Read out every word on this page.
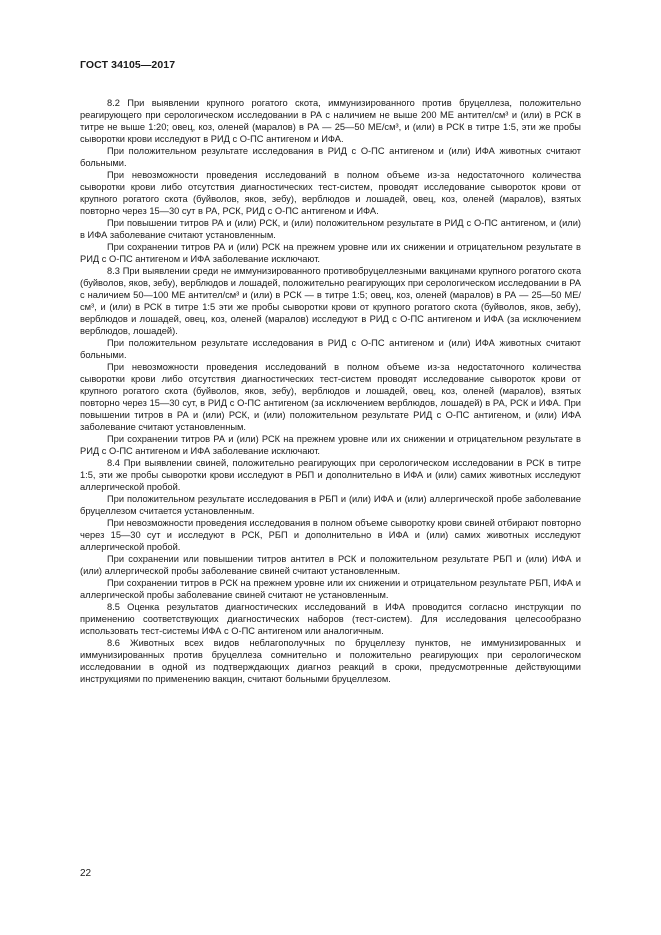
ГОСТ 34105—2017

8.2 При выявлении крупного рогатого скота, иммунизированного против бруцеллеза, положительно реагирующего при серологическом исследовании в РА с наличием не выше 200 МЕ антител/см³ и (или) в РСК в титре не выше 1:20; овец, коз, оленей (маралов) в РА — 25—50 МЕ/см³, и (или) в РСК в титре 1:5, эти же пробы сыворотки крови исследуют в РИД с О-ПС антигеном и ИФА.

При положительном результате исследования в РИД с О-ПС антигеном и (или) ИФА животных считают больными.

При невозможности проведения исследований в полном объеме из-за недостаточного количества сыворотки крови либо отсутствия диагностических тест-систем, проводят исследование сывороток крови от крупного рогатого скота (буйволов, яков, зебу), верблюдов и лошадей, овец, коз, оленей (маралов), взятых повторно через 15—30 сут в РА, РСК, РИД с О-ПС антигеном и ИФА.

При повышении титров РА и (или) РСК, и (или) положительном результате в РИД с О-ПС антигеном, и (или) в ИФА заболевание считают установленным.

При сохранении титров РА и (или) РСК на прежнем уровне или их снижении и отрицательном результате в РИД с О-ПС антигеном и ИФА заболевание исключают.

8.3 При выявлении среди не иммунизированного противобруцеллезными вакцинами крупного рогатого скота (буйволов, яков, зебу), верблюдов и лошадей, положительно реагирующих при серологическом исследовании в РА с наличием 50—100 МЕ антител/см³ и (или) в РСК — в титре 1:5; овец, коз, оленей (маралов) в РА — 25—50 МЕ/см³, и (или) в РСК в титре 1:5 эти же пробы сыворотки крови от крупного рогатого скота (буйволов, яков, зебу), верблюдов и лошадей, овец, коз, оленей (маралов) исследуют в РИД с О-ПС антигеном и ИФА (за исключением верблюдов, лошадей).

При положительном результате исследования в РИД с О-ПС антигеном и (или) ИФА животных считают больными.

При невозможности проведения исследований в полном объеме из-за недостаточного количества сыворотки крови либо отсутствия диагностических тест-систем проводят исследование сывороток крови от крупного рогатого скота (буйволов, яков, зебу), верблюдов и лошадей, овец, коз, оленей (маралов), взятых повторно через 15—30 сут, в РИД с О-ПС антигеном (за исключением верблюдов, лошадей) в РА, РСК и ИФА. При повышении титров в РА и (или) РСК, и (или) положительном результате РИД с О-ПС антигеном, и (или) ИФА заболевание считают установленным.

При сохранении титров РА и (или) РСК на прежнем уровне или их снижении и отрицательном результате в РИД с О-ПС антигеном и ИФА заболевание исключают.

8.4 При выявлении свиней, положительно реагирующих при серологическом исследовании в РСК в титре 1:5, эти же пробы сыворотки крови исследуют в РБП и дополнительно в ИФА и (или) самих животных исследуют аллергической пробой.

При положительном результате исследования в РБП и (или) ИФА и (или) аллергической пробе заболевание бруцеллезом считается установленным.

При невозможности проведения исследования в полном объеме сыворотку крови свиней отбирают повторно через 15—30 сут и исследуют в РСК, РБП и дополнительно в ИФА и (или) самих животных исследуют аллергической пробой.

При сохранении или повышении титров антител в РСК и положительном результате РБП и (или) ИФА и (или) аллергической пробы заболевание свиней считают установленным.

При сохранении титров в РСК на прежнем уровне или их снижении и отрицательном результате РБП, ИФА и аллергической пробы заболевание свиней считают не установленным.

8.5 Оценка результатов диагностических исследований в ИФА проводится согласно инструкции по применению соответствующих диагностических наборов (тест-систем). Для исследования целесообразно использовать тест-системы ИФА с О-ПС антигеном или аналогичным.

8.6 Животных всех видов неблагополучных по бруцеллезу пунктов, не иммунизированных и иммунизированных против бруцеллеза сомнительно и положительно реагирующих при серологическом исследовании в одной из подтверждающих диагноз реакций в сроки, предусмотренные действующими инструкциями по применению вакцин, считают больными бруцеллезом.

22
